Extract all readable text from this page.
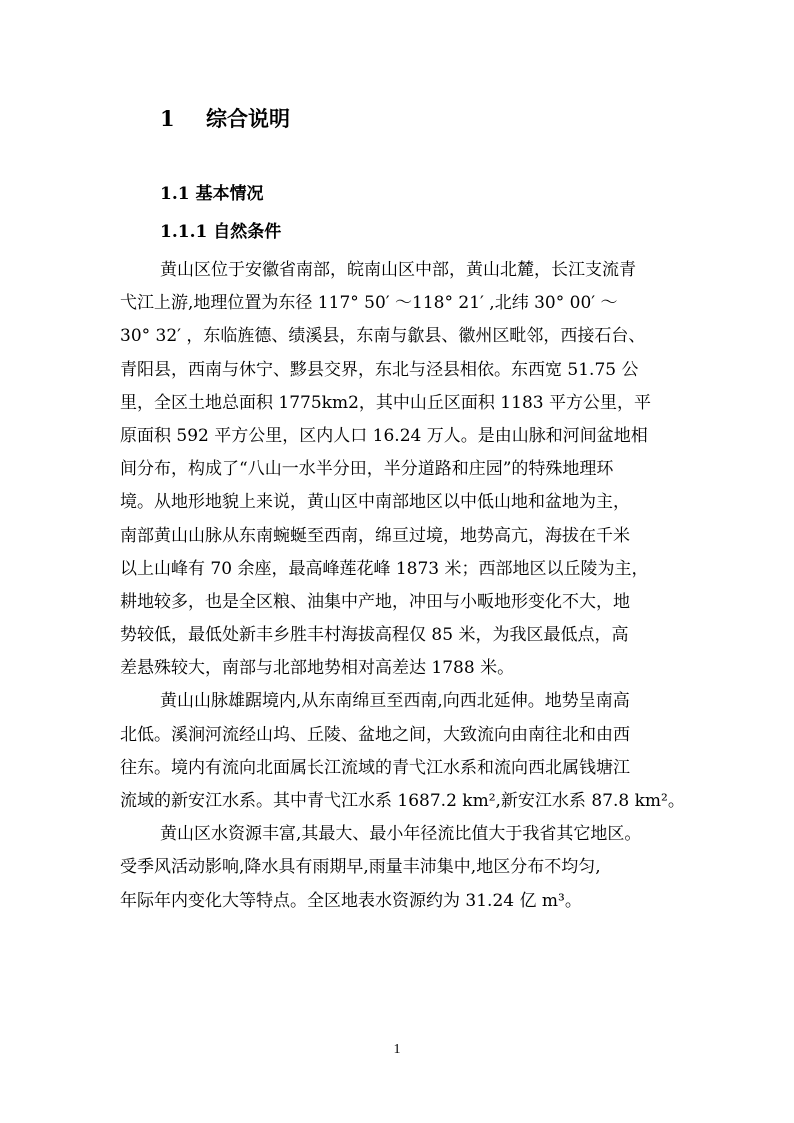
1 综合说明
1.1 基本情况
1.1.1 自然条件
黄山区位于安徽省南部，皖南山区中部，黄山北麓，长江支流青
弋江上游,地理位置为东径 117° 50′ ～118° 21′ ,北纬 30° 00′ ～
30° 32′ ，东临旌德、绩溪县，东南与歙县、徽州区毗邻，西接石台、
青阳县，西南与休宁、黟县交界，东北与泾县相依。东西宽 51.75 公
里，全区土地总面积 1775km2，其中山丘区面积 1183 平方公里，平
原面积 592 平方公里，区内人口 16.24 万人。是由山脉和河间盆地相
间分布，构成了“八山一水半分田，半分道路和庄园”的特殊地理环
境。从地形地貌上来说，黄山区中南部地区以中低山地和盆地为主，
南部黄山山脉从东南蜿蜒至西南，绵亘过境，地势高亢，海拔在千米
以上山峰有 70 余座，最高峰莲花峰 1873 米；西部地区以丘陵为主，
耕地较多，也是全区粮、油集中产地，冲田与小畈地形变化不大，地
势较低，最低处新丰乡胜丰村海拔高程仅 85 米，为我区最低点，高
差悬殊较大，南部与北部地势相对高差达 1788 米。
黄山山脉雄踞境内,从东南绵亘至西南,向西北延伸。地势呈南高
北低。溪涧河流经山坞、丘陵、盆地之间，大致流向由南往北和由西
往东。境内有流向北面属长江流域的青弋江水系和流向西北属钱塘江
流域的新安江水系。其中青弋江水系 1687.2 km²,新安江水系 87.8 km²。
黄山区水资源丰富,其最大、最小年径流比值大于我省其它地区。
受季风活动影响,降水具有雨期早,雨量丰沛集中,地区分布不均匀,
年际年内变化大等特点。全区地表水资源约为 31.24 亿 m³。
1
